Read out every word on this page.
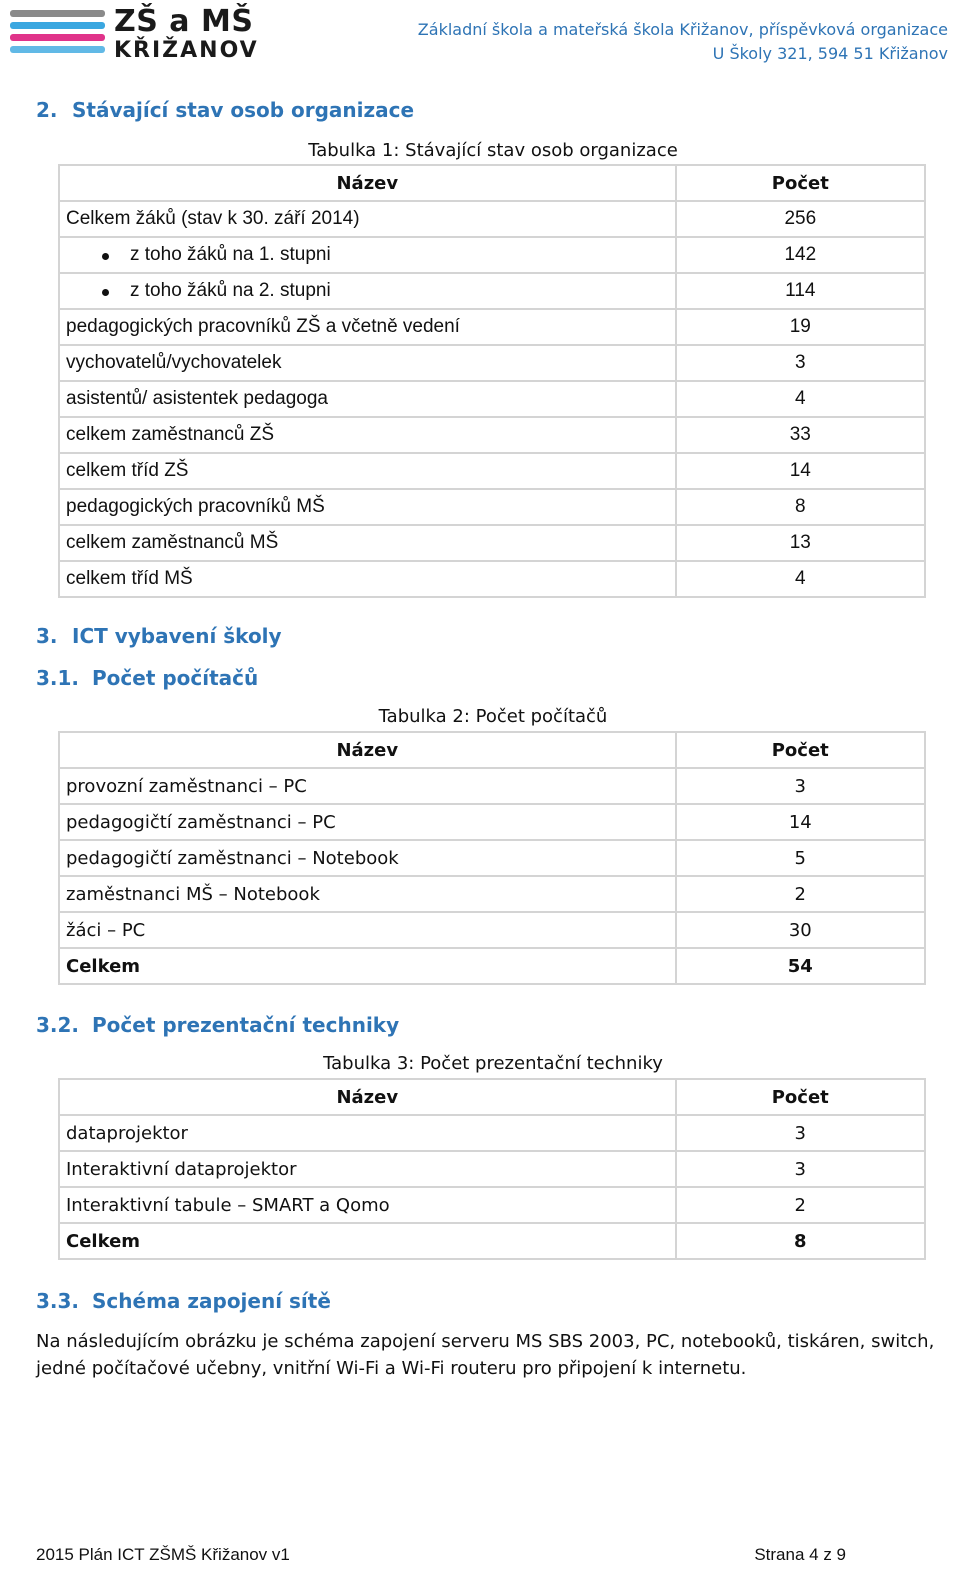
ZŠ a MŠ
KŘIŽANOV
Základní škola a mateřská škola Křižanov, příspěvková organizace
U Školy 321, 594 51 Křižanov
2. Stávající stav osob organizace
Tabulka 1: Stávající stav osob organizace
Název	Počet
Celkem žáků (stav k 30. září 2014)	256
z toho žáků na 1. stupni	142
z toho žáků na 2. stupni	114
pedagogických pracovníků ZŠ a včetně vedení	19
vychovatelů/vychovatelek	3
asistentů/ asistentek pedagoga	4
celkem zaměstnanců ZŠ	33
celkem tříd ZŠ	14
pedagogických pracovníků MŠ	8
celkem zaměstnanců MŠ	13
celkem tříd MŠ	4
3. ICT vybavení školy
3.1. Počet počítačů
Tabulka 2: Počet počítačů
Název	Počet
provozní zaměstnanci – PC	3
pedagogičtí zaměstnanci – PC	14
pedagogičtí zaměstnanci – Notebook	5
zaměstnanci MŠ – Notebook	2
žáci – PC	30
Celkem	54
3.2. Počet prezentační techniky
Tabulka 3: Počet prezentační techniky
Název	Počet
dataprojektor	3
Interaktivní dataprojektor	3
Interaktivní tabule – SMART a Qomo	2
Celkem	8
3.3. Schéma zapojení sítě
Na následujícím obrázku je schéma zapojení serveru MS SBS 2003, PC, notebooků, tiskáren, switch, jedné počítačové učebny, vnitřní Wi-Fi a Wi-Fi routeru pro připojení k internetu.
2015 Plán ICT ZŠMŠ Křižanov v1	Strana 4 z 9
